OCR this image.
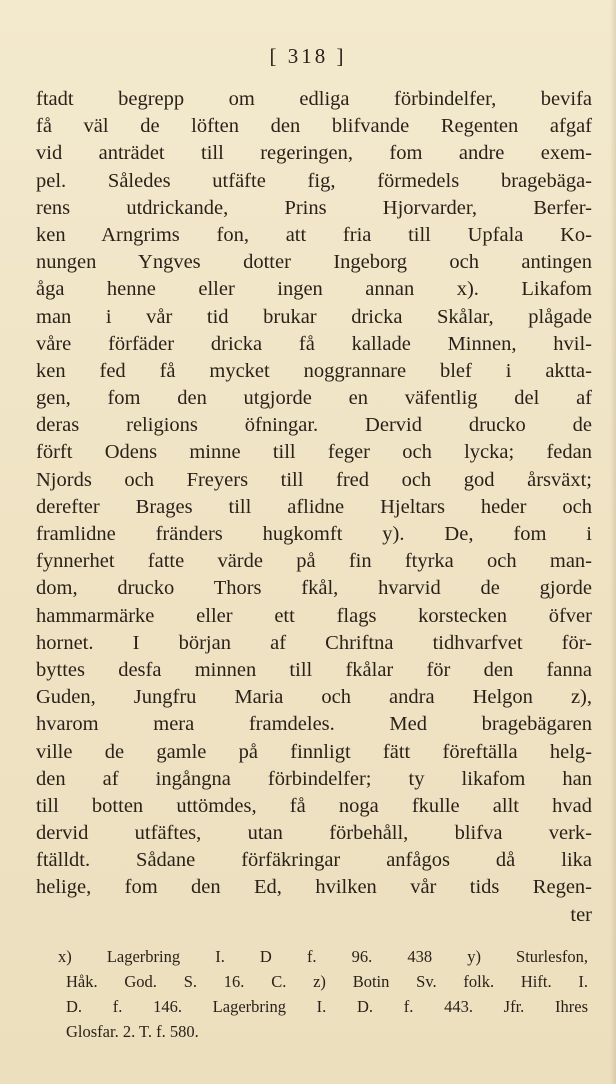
[ 318 ]
ftadt begrepp om edliga förbindelfer, bevifa
få väl de löften den blifvande Regenten afgaf
vid anträdet till regeringen, fom andre exem-
pel. Således utfäfte fig, förmedels bragebäga-
rens utdrickande, Prins Hjorvarder, Berfer-
ken Arngrims fon, att fria till Upfala Ko-
nungen Yngves dotter Ingeborg och antingen
åga henne eller ingen annan x). Likafom
man i vår tid brukar dricka Skålar, plågade
våre förfäder dricka få kallade Minnen, hvil-
ken fed få mycket noggrannare blef i aktta-
gen, fom den utgjorde en väfentlig del af
deras religions öfningar. Dervid drucko de
förft Odens minne till feger och lycka; fedan
Njords och Freyers till fred och god årsväxt;
derefter Brages till aflidne Hjeltars heder och
framlidne fränders hugkomft y). De, fom i
fynnerhet fatte värde på fin ftyrka och man-
dom, drucko Thors fkål, hvarvid de gjorde
hammarmärke eller ett flags korstecken öfver
hornet. I början af Chriftna tidhvarfvet för-
byttes desfa minnen till fkålar för den fanna
Guden, Jungfru Maria och andra Helgon z),
hvarom mera framdeles. Med bragebägaren
ville de gamle på finnligt fätt föreftälla helg-
den af ingångna förbindelfer; ty likafom han
till botten uttömdes, få noga fkulle allt hvad
dervid utfäftes, utan förbehåll, blifva verk-
ftälldt. Sådane förfäkringar anfågos då lika
helige, fom den Ed, hvilken vår tids Regen-
ter
x) Lagerbring I. D f. 96. 438 y) Sturlesfon,
Håk. God. S. 16. C. z) Botin Sv. folk. Hift. I.
D. f. 146. Lagerbring I. D. f. 443. Jfr. Ihres
Glosfar. 2. T. f. 580.
